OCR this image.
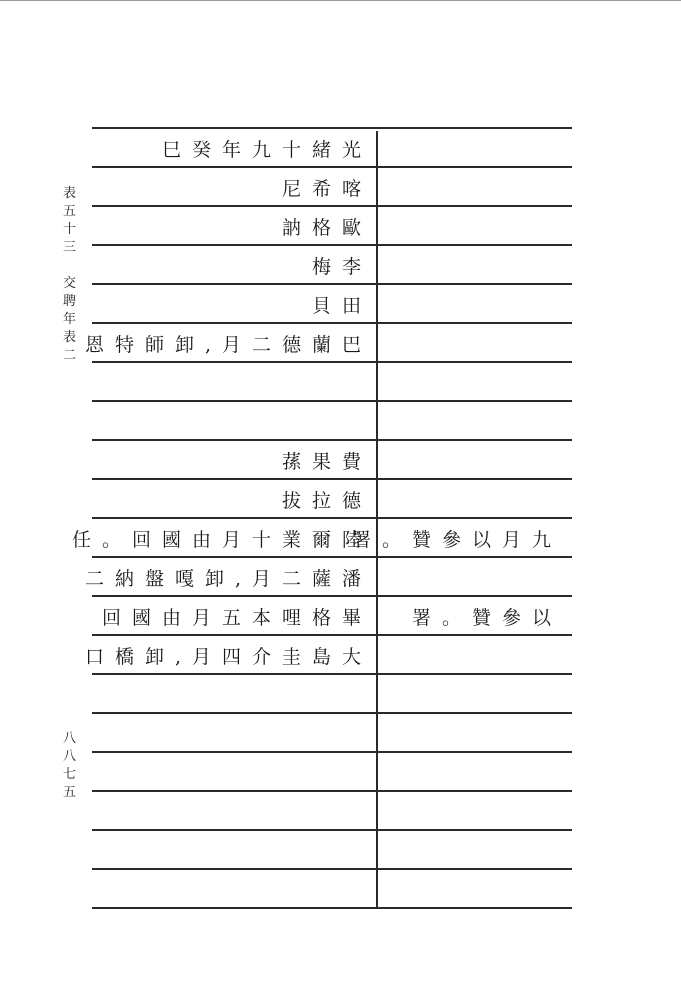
表
五
十
三
交
聘
年
表
二
八
八
七
五
巳癸年九十緒光
尼希喀
訥格歐
梅李
貝田
恩特師卸,月二德蘭巴
蓀果費
拔拉德
任。回國由月十業爾陸
署。贊參以月九
二納盤嘎卸,月二薩潘
回國由月五本哩格畢 署。贊參以
口橋卸,月四介圭島大
